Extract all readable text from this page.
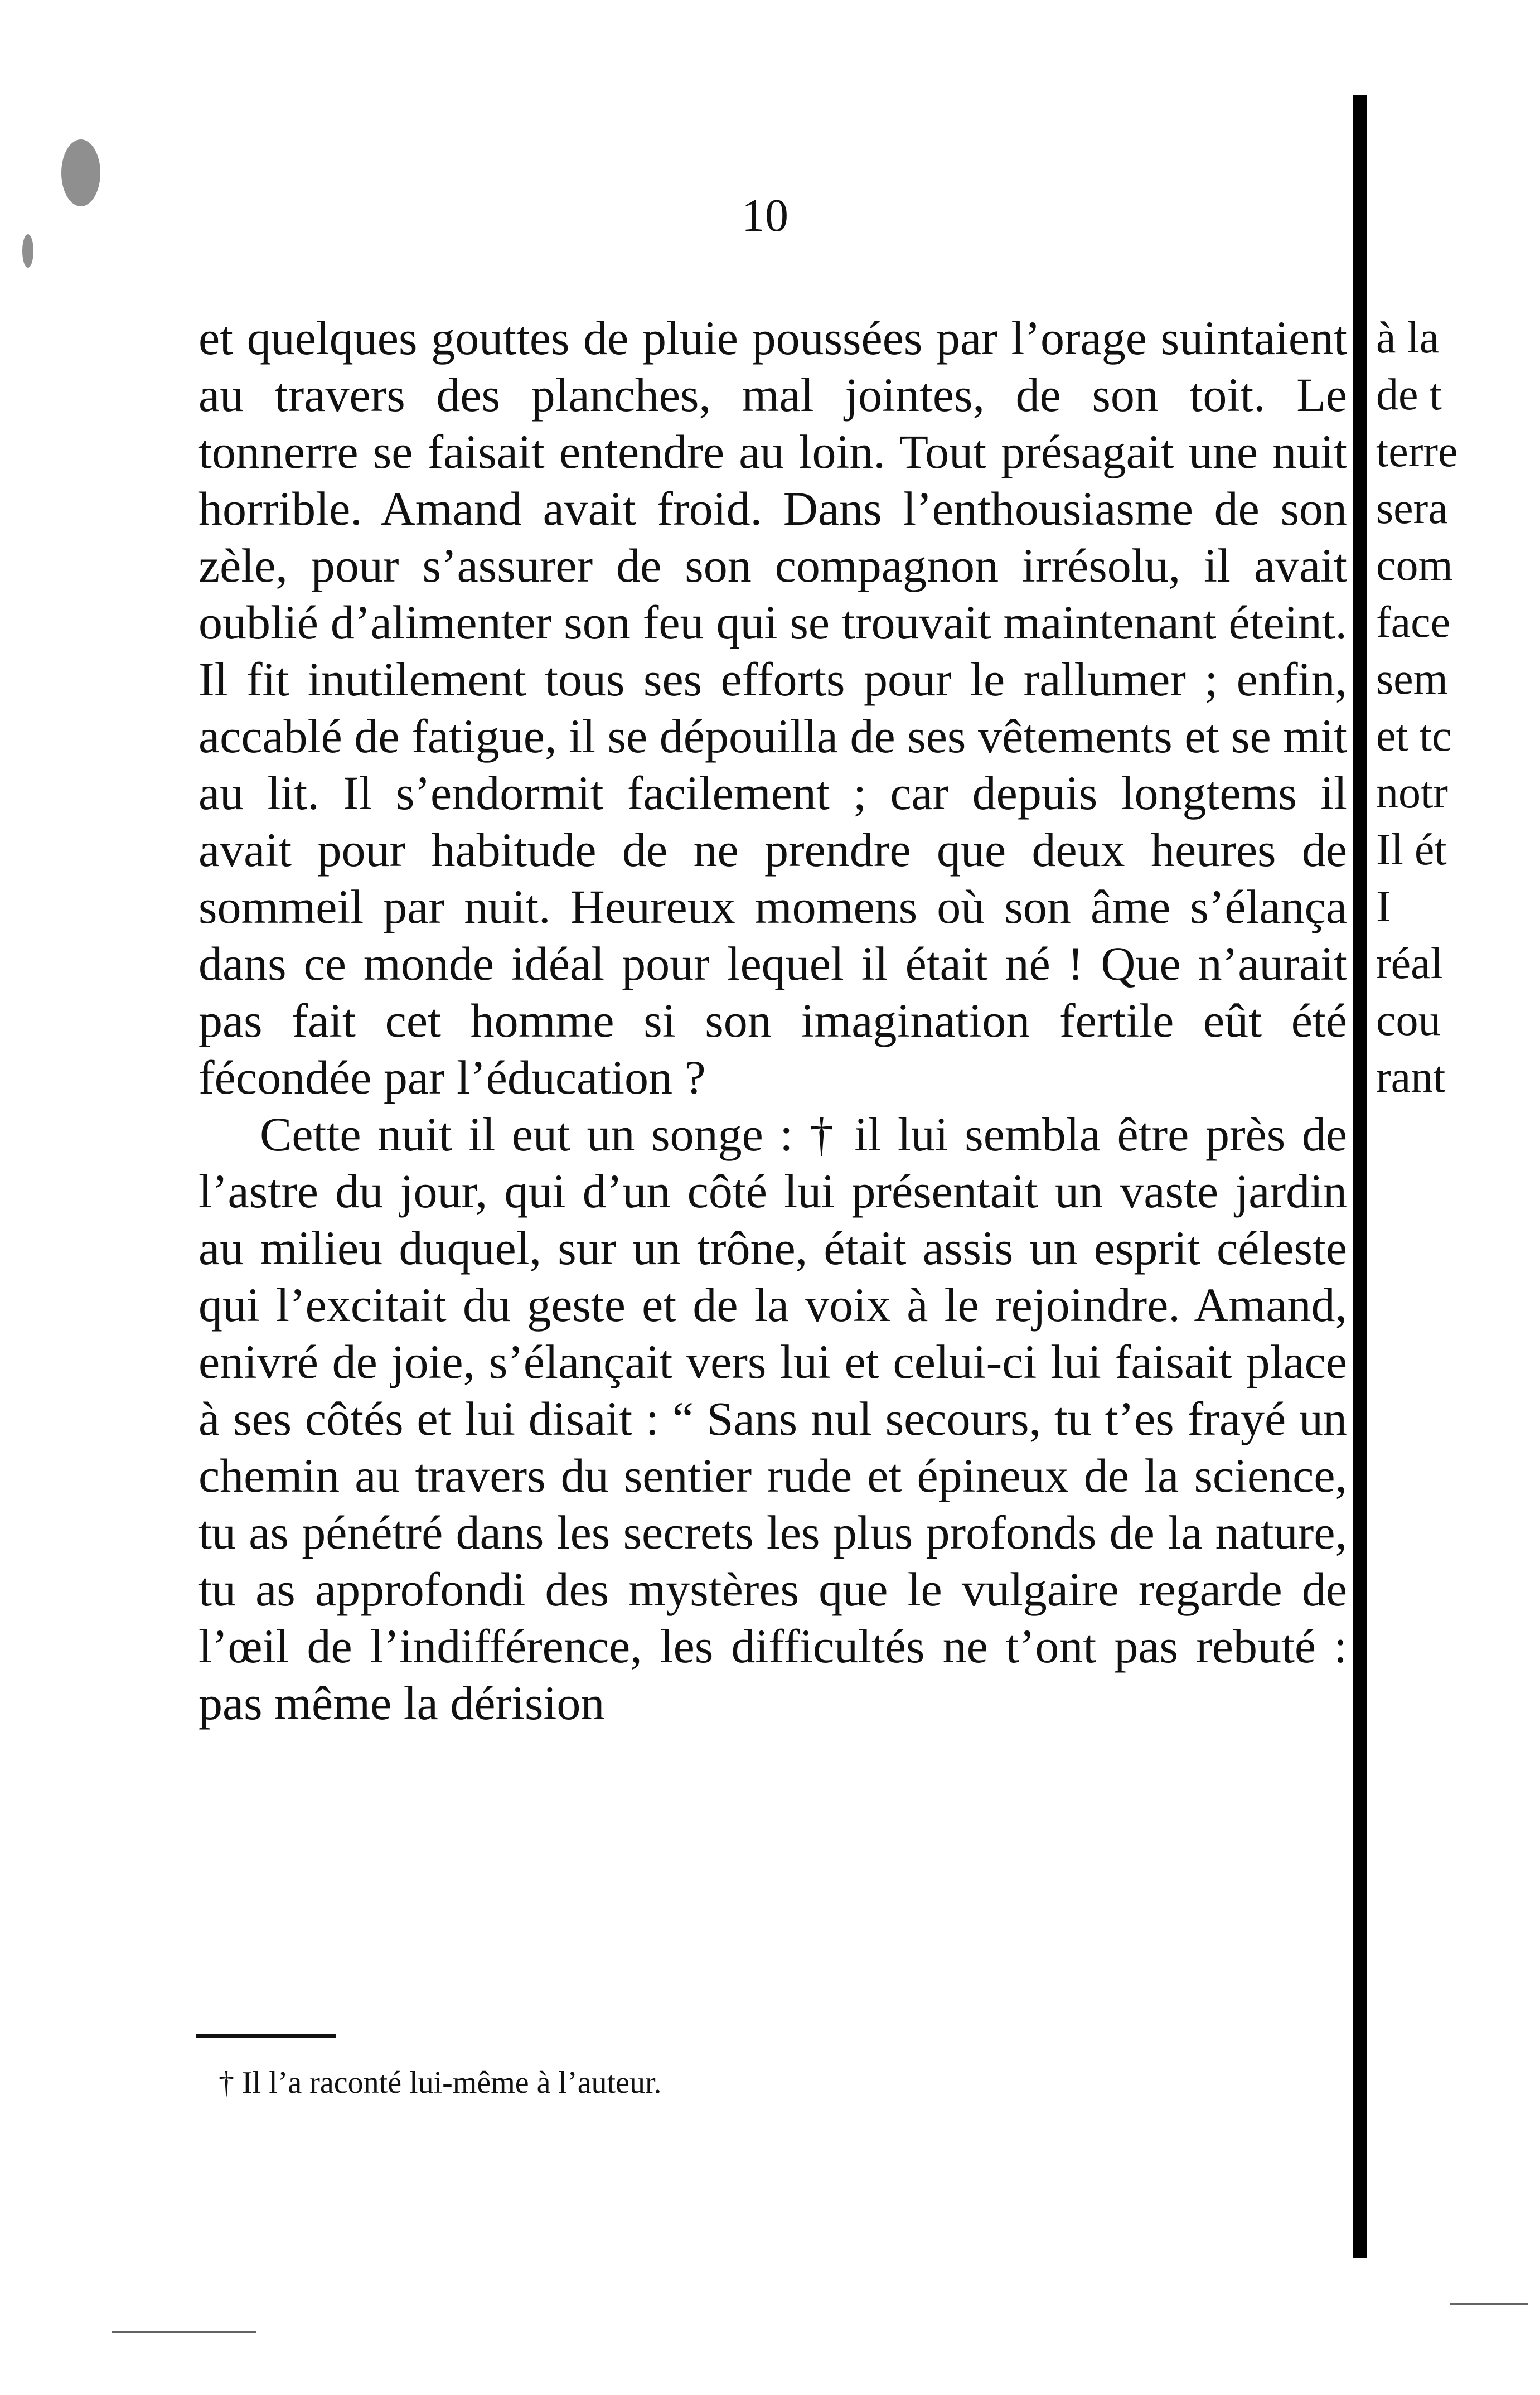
10

et quelques gouttes de pluie poussées par l’orage suintaient au travers des planches, mal jointes, de son toit. Le tonnerre se faisait entendre au loin. Tout présagait une nuit horrible. Amand avait froid. Dans l’enthousiasme de son zèle, pour s’assurer de son compagnon irrésolu, il avait oublié d’alimenter son feu qui se trouvait maintenant éteint. Il fit inutilement tous ses efforts pour le rallumer ; enfin, accablé de fatigue, il se dépouilla de ses vêtements et se mit au lit. Il s’endormit facilement ; car depuis longtems il avait pour habitude de ne prendre que deux heures de sommeil par nuit. Heureux momens où son âme s’élança dans ce monde idéal pour lequel il était né ! Que n’aurait pas fait cet homme si son imagination fertile eût été fécondée par l’éducation ?

Cette nuit il eut un songe : † il lui sembla être près de l’astre du jour, qui d’un côté lui présentait un vaste jardin au milieu duquel, sur un trône, était assis un esprit céleste qui l’excitait du geste et de la voix à le rejoindre. Amand, enivré de joie, s’élançait vers lui et celui-ci lui faisait place à ses côtés et lui disait : “ Sans nul secours, tu t’es frayé un chemin au travers du sentier rude et épineux de la science, tu as pénétré dans les secrets les plus profonds de la nature, tu as approfondi des mystères que le vulgaire regarde de l’œil de l’indifférence, les difficultés ne t’ont pas rebuté : pas même la dérision

† Il l’a raconté lui-même à l’auteur.
à la
de t
terre
sera
com
face
sem
et tc
notr
Il ét
I
réal
cou
rant
